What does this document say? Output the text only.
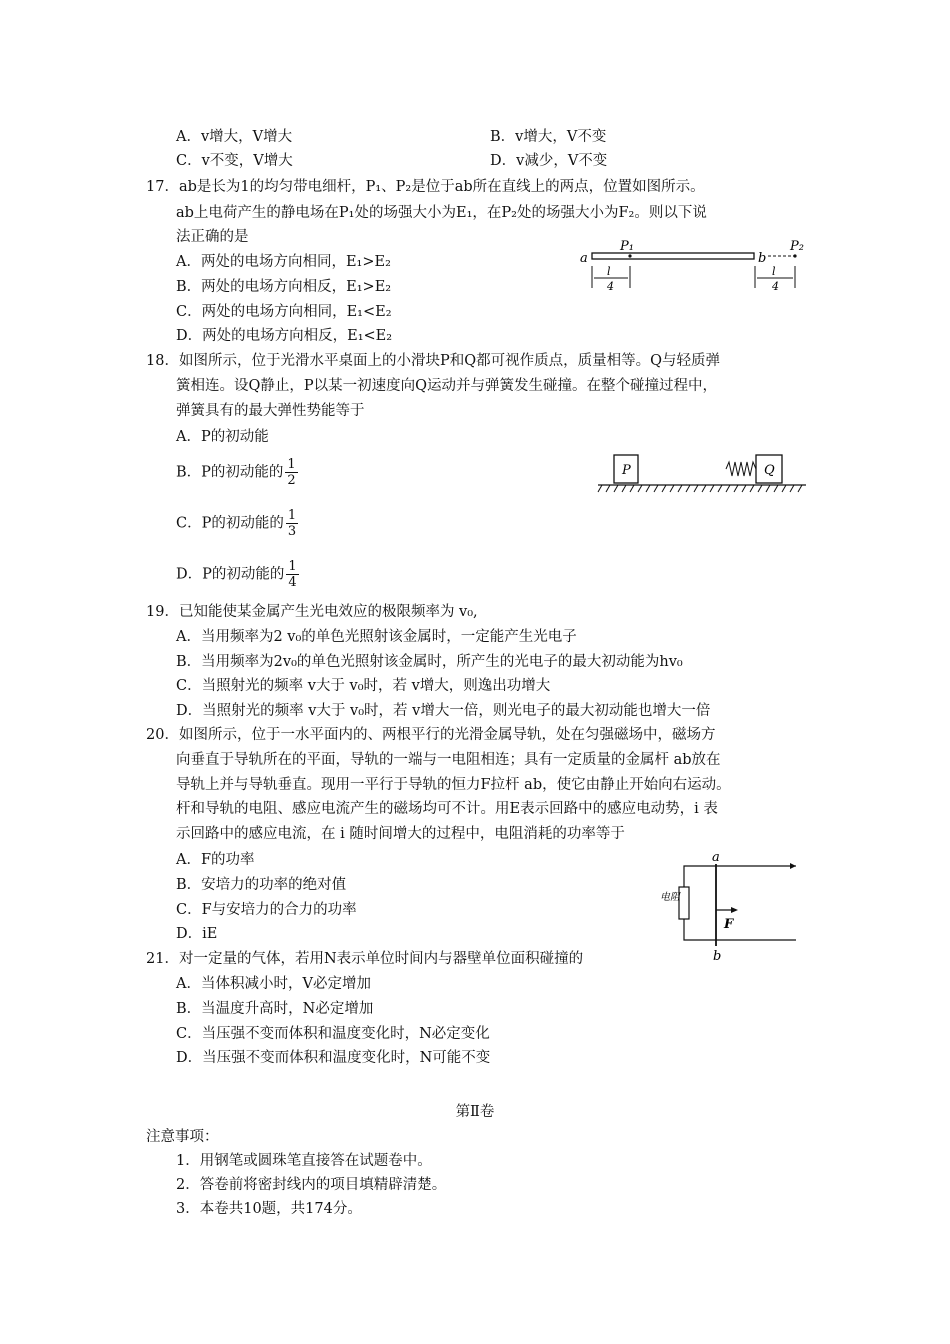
A．v增大，V增大	B．v增大，V不变
C．v不变，V增大	D．v减少，V不变
17．ab是长为1的均匀带电细杆，P₁、P₂是位于ab所在直线上的两点，位置如图所示。
ab上电荷产生的静电场在P₁处的场强大小为E₁，在P₂处的场强大小为F₂。则以下说
法正确的是
A．两处的电场方向相同，E₁>E₂
B．两处的电场方向相反，E₁>E₂
C．两处的电场方向相同，E₁<E₂
D．两处的电场方向相反，E₁<E₂
a
P₁
b
P₂
l
4
l
4
18．如图所示，位于光滑水平桌面上的小滑块P和Q都可视作质点，质量相等。Q与轻质弹
簧相连。设Q静止，P以某一初速度向Q运动并与弹簧发生碰撞。在整个碰撞过程中，
弹簧具有的最大弹性势能等于
A．P的初动能
B．P的初动能的 $\frac{1}{2}$
C．P的初动能的 $\frac{1}{3}$
D．P的初动能的 $\frac{1}{4}$
P	Q
19．已知能使某金属产生光电效应的极限频率为 v₀,
A．当用频率为2 v₀的单色光照射该金属时，一定能产生光电子
B．当用频率为2v₀的单色光照射该金属时，所产生的光电子的最大初动能为hv₀
C．当照射光的频率 v大于 v₀时，若 v增大，则逸出功增大
D．当照射光的频率 v大于 v₀时，若 v增大一倍，则光电子的最大初动能也增大一倍
20．如图所示，位于一水平面内的、两根平行的光滑金属导轨，处在匀强磁场中，磁场方
向垂直于导轨所在的平面，导轨的一端与一电阻相连；具有一定质量的金属杆 ab放在
导轨上并与导轨垂直。现用一平行于导轨的恒力F拉杆 ab，使它由静止开始向右运动。
杆和导轨的电阻、感应电流产生的磁场均可不计。用E表示回路中的感应电动势，i 表
示回路中的感应电流，在 i 随时间增大的过程中，电阻消耗的功率等于
A．F的功率
B．安培力的功率的绝对值
C．F与安培力的合力的功率
D．iE
电阻
a
b
F
21．对一定量的气体，若用N表示单位时间内与器壁单位面积碰撞的
A．当体积减小时，V必定增加
B．当温度升高时，N必定增加
C．当压强不变而体积和温度变化时，N必定变化
D．当压强不变而体积和温度变化时，N可能不变
第Ⅱ卷
注意事项：
1．用钢笔或圆珠笔直接答在试题卷中。
2．答卷前将密封线内的项目填精辟清楚。
3．本卷共10题，共174分。
